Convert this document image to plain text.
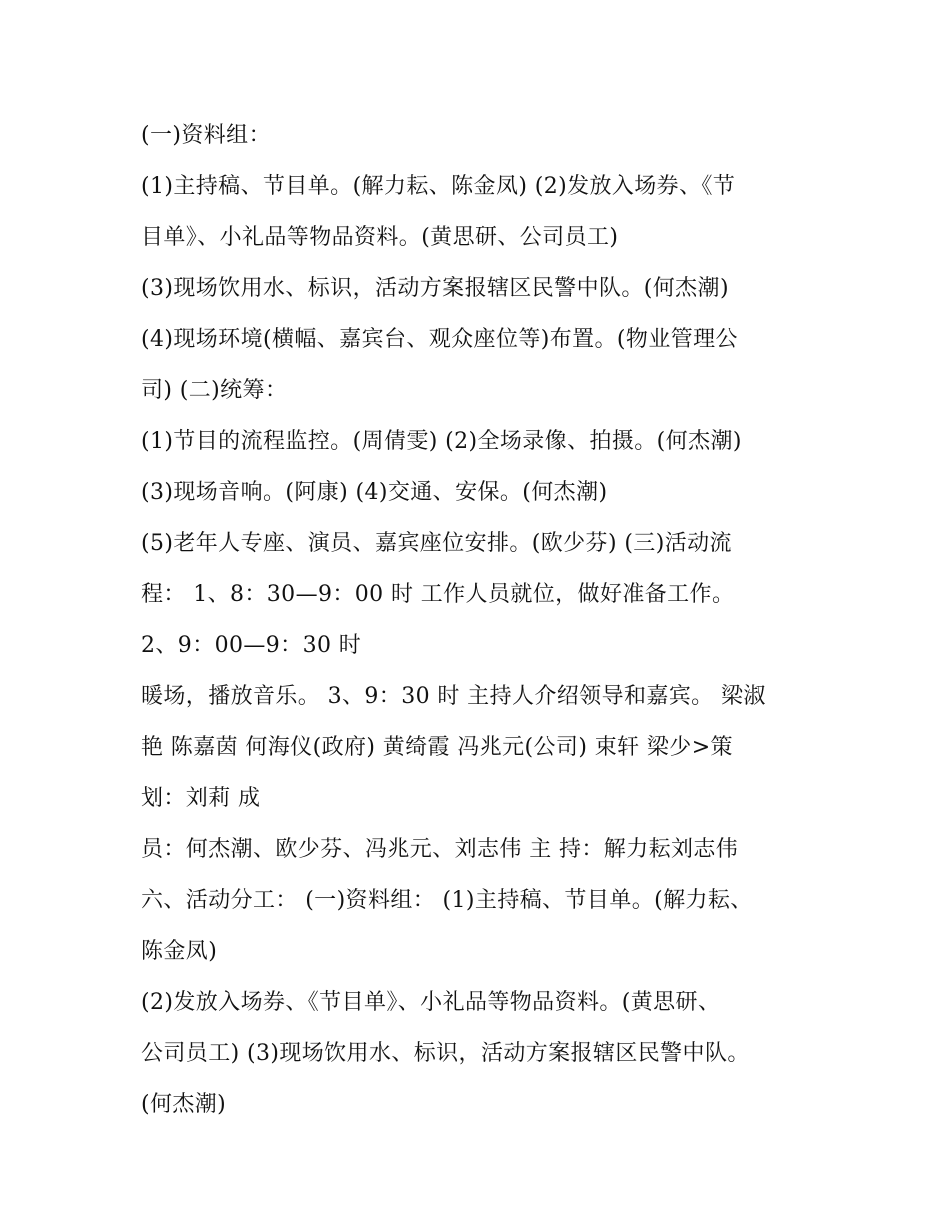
(一)资料组：
(1)主持稿、节目单。(解力耘、陈金凤) (2)发放入场券、《节
目单》、小礼品等物品资料。(黄思研、公司员工)
(3)现场饮用水、标识，活动方案报辖区民警中队。(何杰潮)
(4)现场环境(横幅、嘉宾台、观众座位等)布置。(物业管理公
司) (二)统筹：
(1)节目的流程监控。(周倩雯) (2)全场录像、拍摄。(何杰潮)
(3)现场音响。(阿康) (4)交通、安保。(何杰潮)
(5)老年人专座、演员、嘉宾座位安排。(欧少芬) (三)活动流
程： 1、8：30—9：00 时 工作人员就位，做好准备工作。
2、9：00—9：30 时
暖场，播放音乐。 3、9：30 时 主持人介绍领导和嘉宾。 梁淑
艳 陈嘉茵 何海仪(政府) 黄绮霞 冯兆元(公司) 束轩 梁少>策
划：刘莉 成
员：何杰潮、欧少芬、冯兆元、刘志伟 主 持：解力耘刘志伟
六、活动分工： (一)资料组： (1)主持稿、节目单。(解力耘、
陈金凤)
(2)发放入场券、《节目单》、小礼品等物品资料。(黄思研、
公司员工) (3)现场饮用水、标识，活动方案报辖区民警中队。
(何杰潮)
